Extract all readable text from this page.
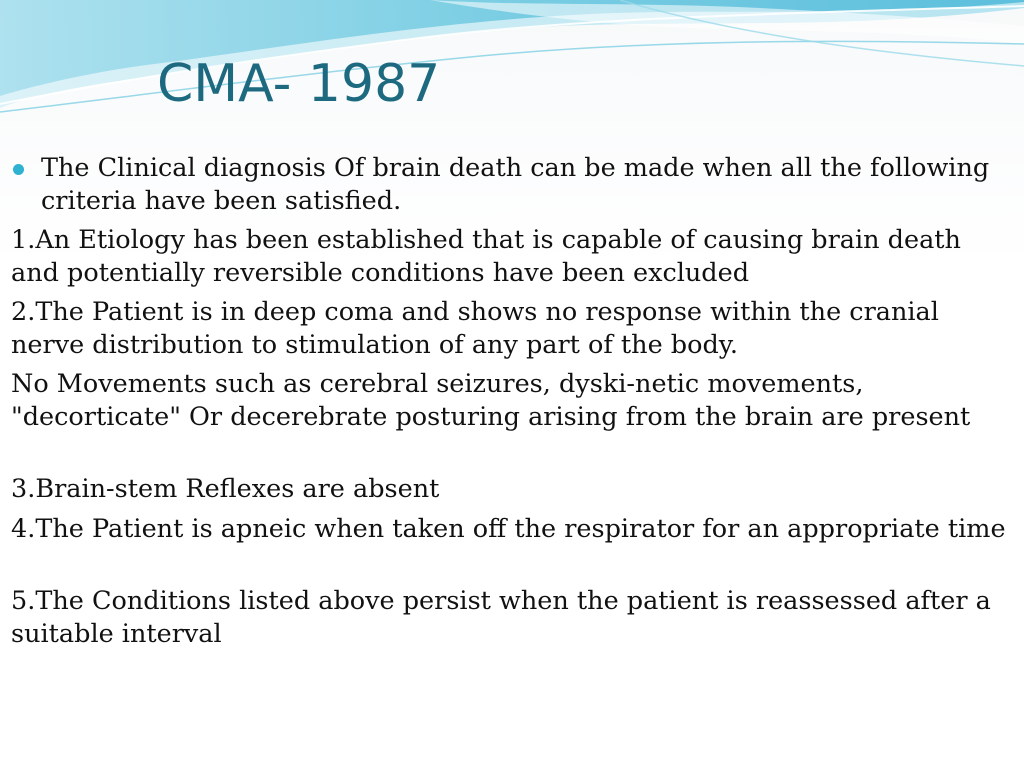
CMA- 1987

The Clinical diagnosis Of brain death can be made when all the following criteria have been satisfied.

1.An Etiology has been established that is capable of causing brain death and potentially reversible conditions have been excluded

2.The Patient is in deep coma and shows no response within the cranial nerve distribution to stimulation of any part of the body.

No Movements such as cerebral seizures, dyski-netic movements, "decorticate" Or decerebrate posturing arising from the brain are present

3.Brain-stem Reflexes are absent

4.The Patient is apneic when taken off the respirator for an appropriate time

5.The Conditions listed above persist when the patient is reassessed after a suitable interval
